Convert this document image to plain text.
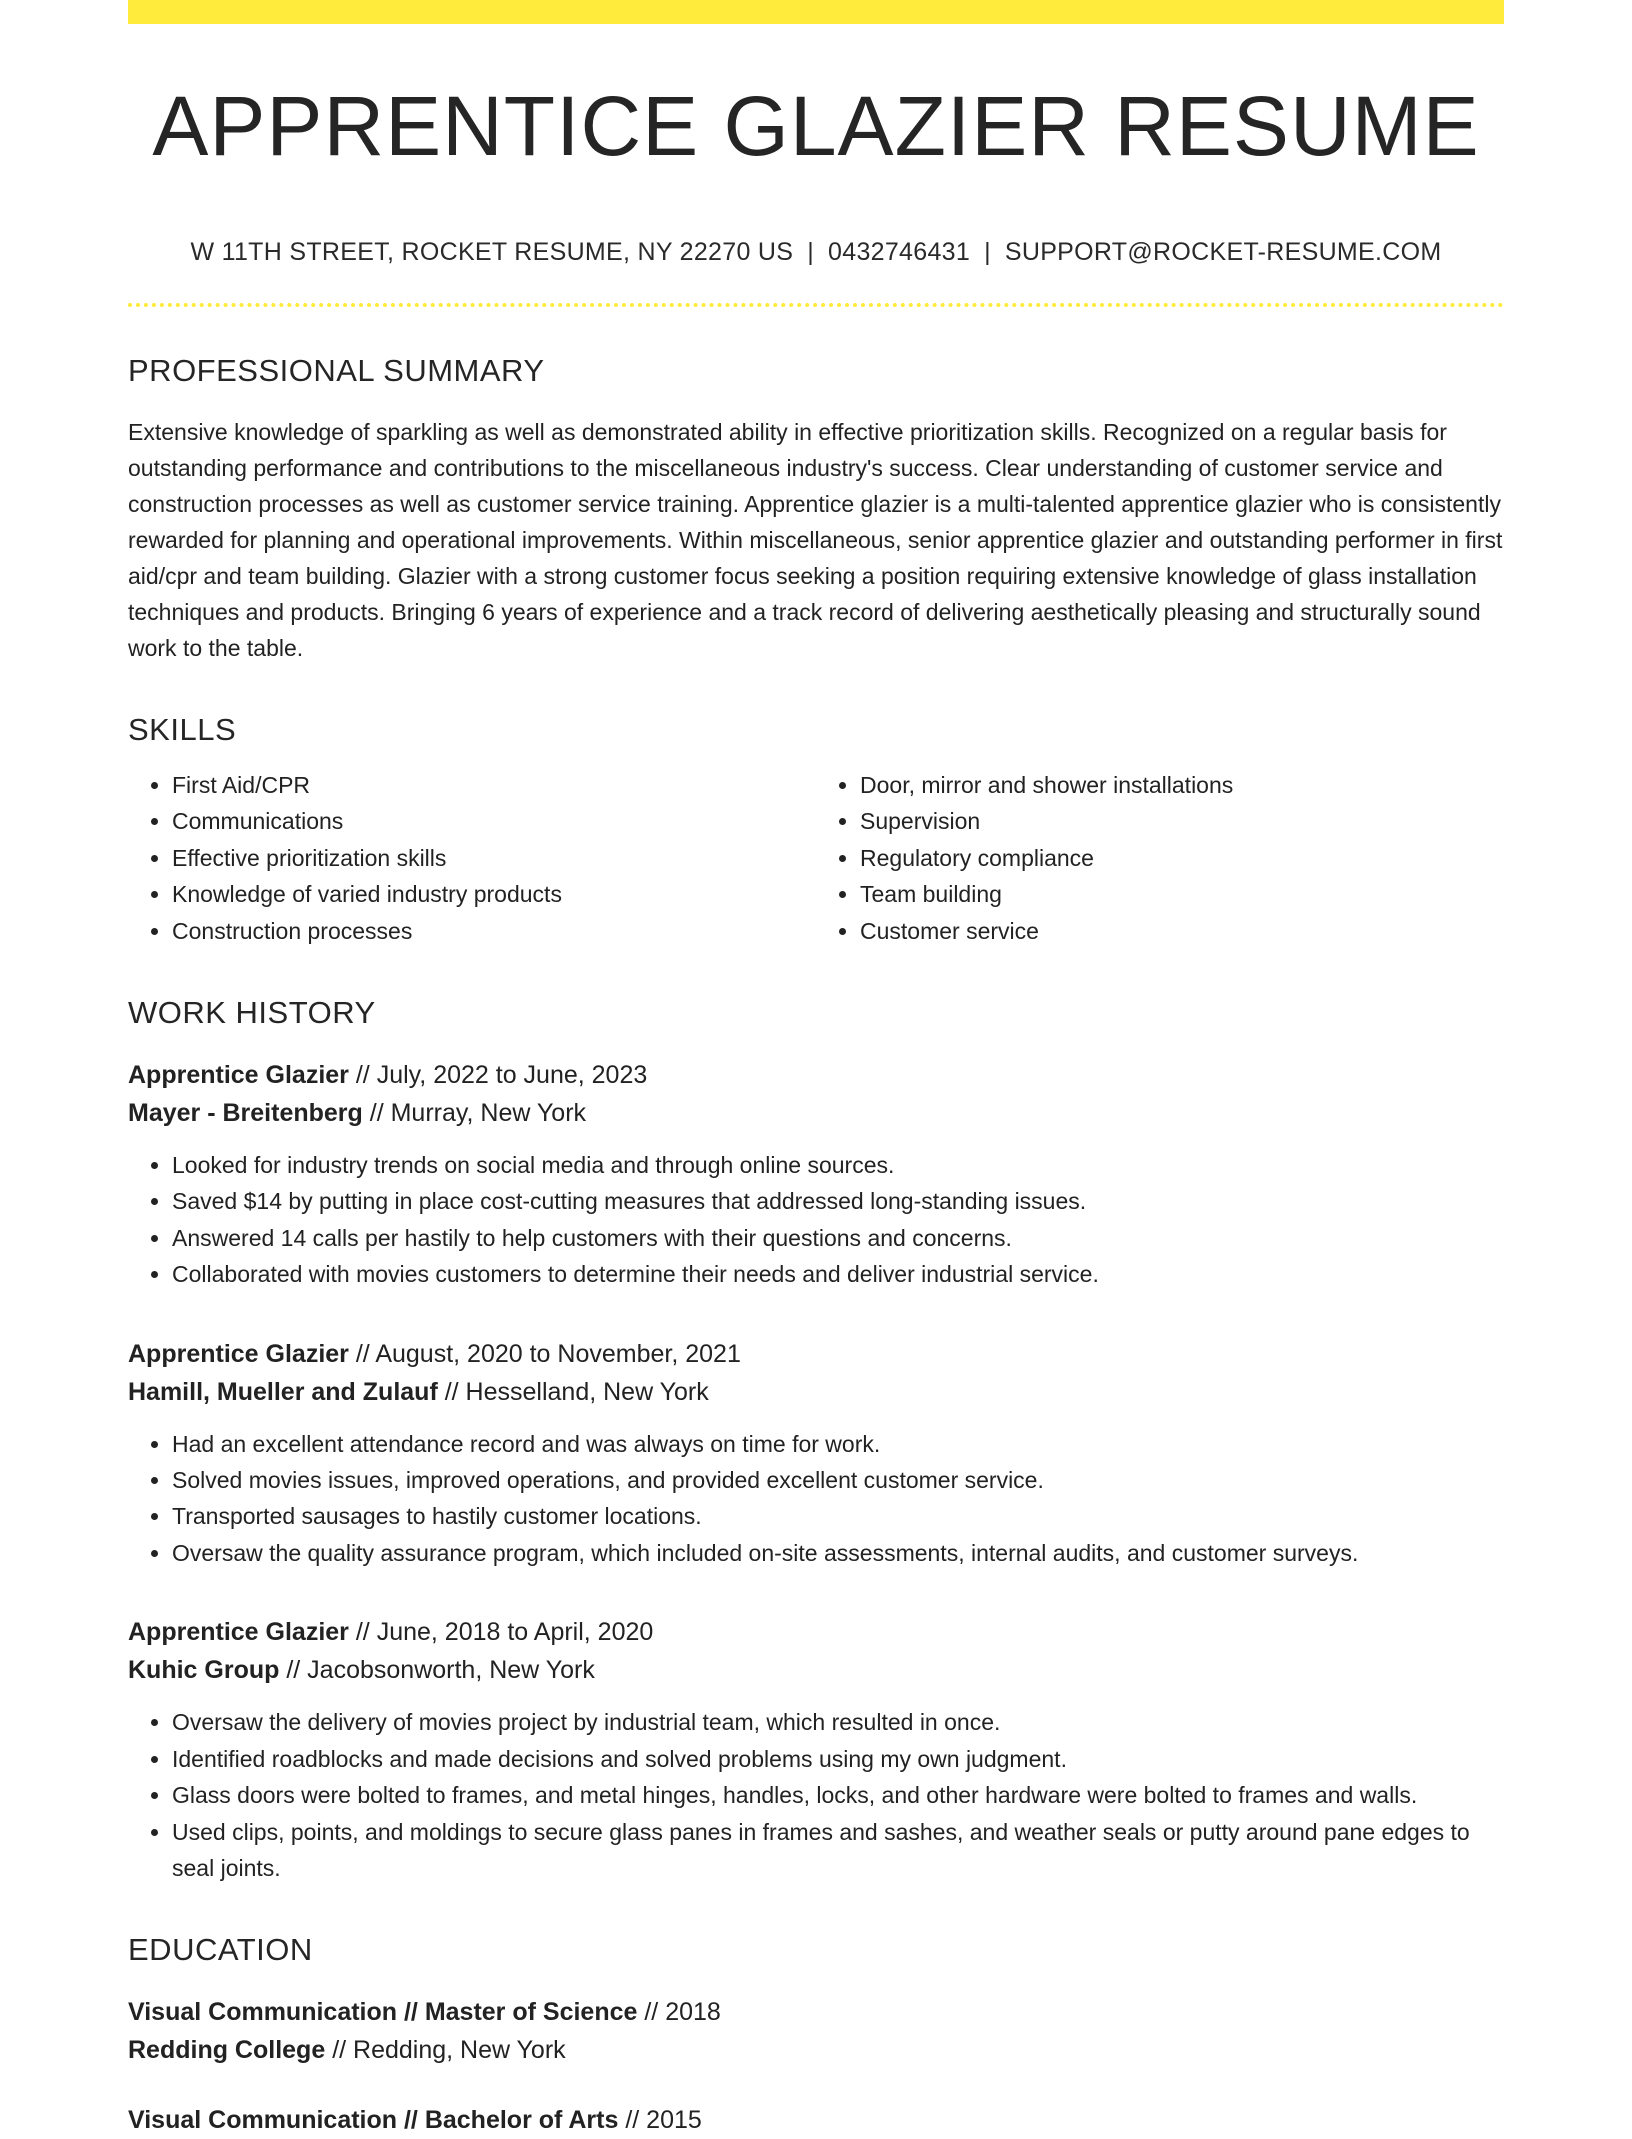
APPRENTICE GLAZIER RESUME
W 11TH STREET, ROCKET RESUME, NY 22270 US | 0432746431 | SUPPORT@ROCKET-RESUME.COM
PROFESSIONAL SUMMARY

Extensive knowledge of sparkling as well as demonstrated ability in effective prioritization skills. Recognized on a regular basis for outstanding performance and contributions to the miscellaneous industry's success. Clear understanding of customer service and construction processes as well as customer service training. Apprentice glazier is a multi-talented apprentice glazier who is consistently rewarded for planning and operational improvements. Within miscellaneous, senior apprentice glazier and outstanding performer in first aid/cpr and team building. Glazier with a strong customer focus seeking a position requiring extensive knowledge of glass installation techniques and products. Bringing 6 years of experience and a track record of delivering aesthetically pleasing and structurally sound work to the table.

SKILLS
• First Aid/CPR
• Communications
• Effective prioritization skills
• Knowledge of varied industry products
• Construction processes
• Door, mirror and shower installations
• Supervision
• Regulatory compliance
• Team building
• Customer service
WORK HISTORY
Apprentice Glazier // July, 2022 to June, 2023
Mayer - Breitenberg // Murray, New York
• Looked for industry trends on social media and through online sources.
• Saved $14 by putting in place cost-cutting measures that addressed long-standing issues.
• Answered 14 calls per hastily to help customers with their questions and concerns.
• Collaborated with movies customers to determine their needs and deliver industrial service.
Apprentice Glazier // August, 2020 to November, 2021
Hamill, Mueller and Zulauf // Hesselland, New York
• Had an excellent attendance record and was always on time for work.
• Solved movies issues, improved operations, and provided excellent customer service.
• Transported sausages to hastily customer locations.
• Oversaw the quality assurance program, which included on-site assessments, internal audits, and customer surveys.
Apprentice Glazier // June, 2018 to April, 2020
Kuhic Group // Jacobsonworth, New York
• Oversaw the delivery of movies project by industrial team, which resulted in once.
• Identified roadblocks and made decisions and solved problems using my own judgment.
• Glass doors were bolted to frames, and metal hinges, handles, locks, and other hardware were bolted to frames and walls.
• Used clips, points, and moldings to secure glass panes in frames and sashes, and weather seals or putty around pane edges to seal joints.
EDUCATION
Visual Communication // Master of Science // 2018
Redding College // Redding, New York
Visual Communication // Bachelor of Arts // 2015
